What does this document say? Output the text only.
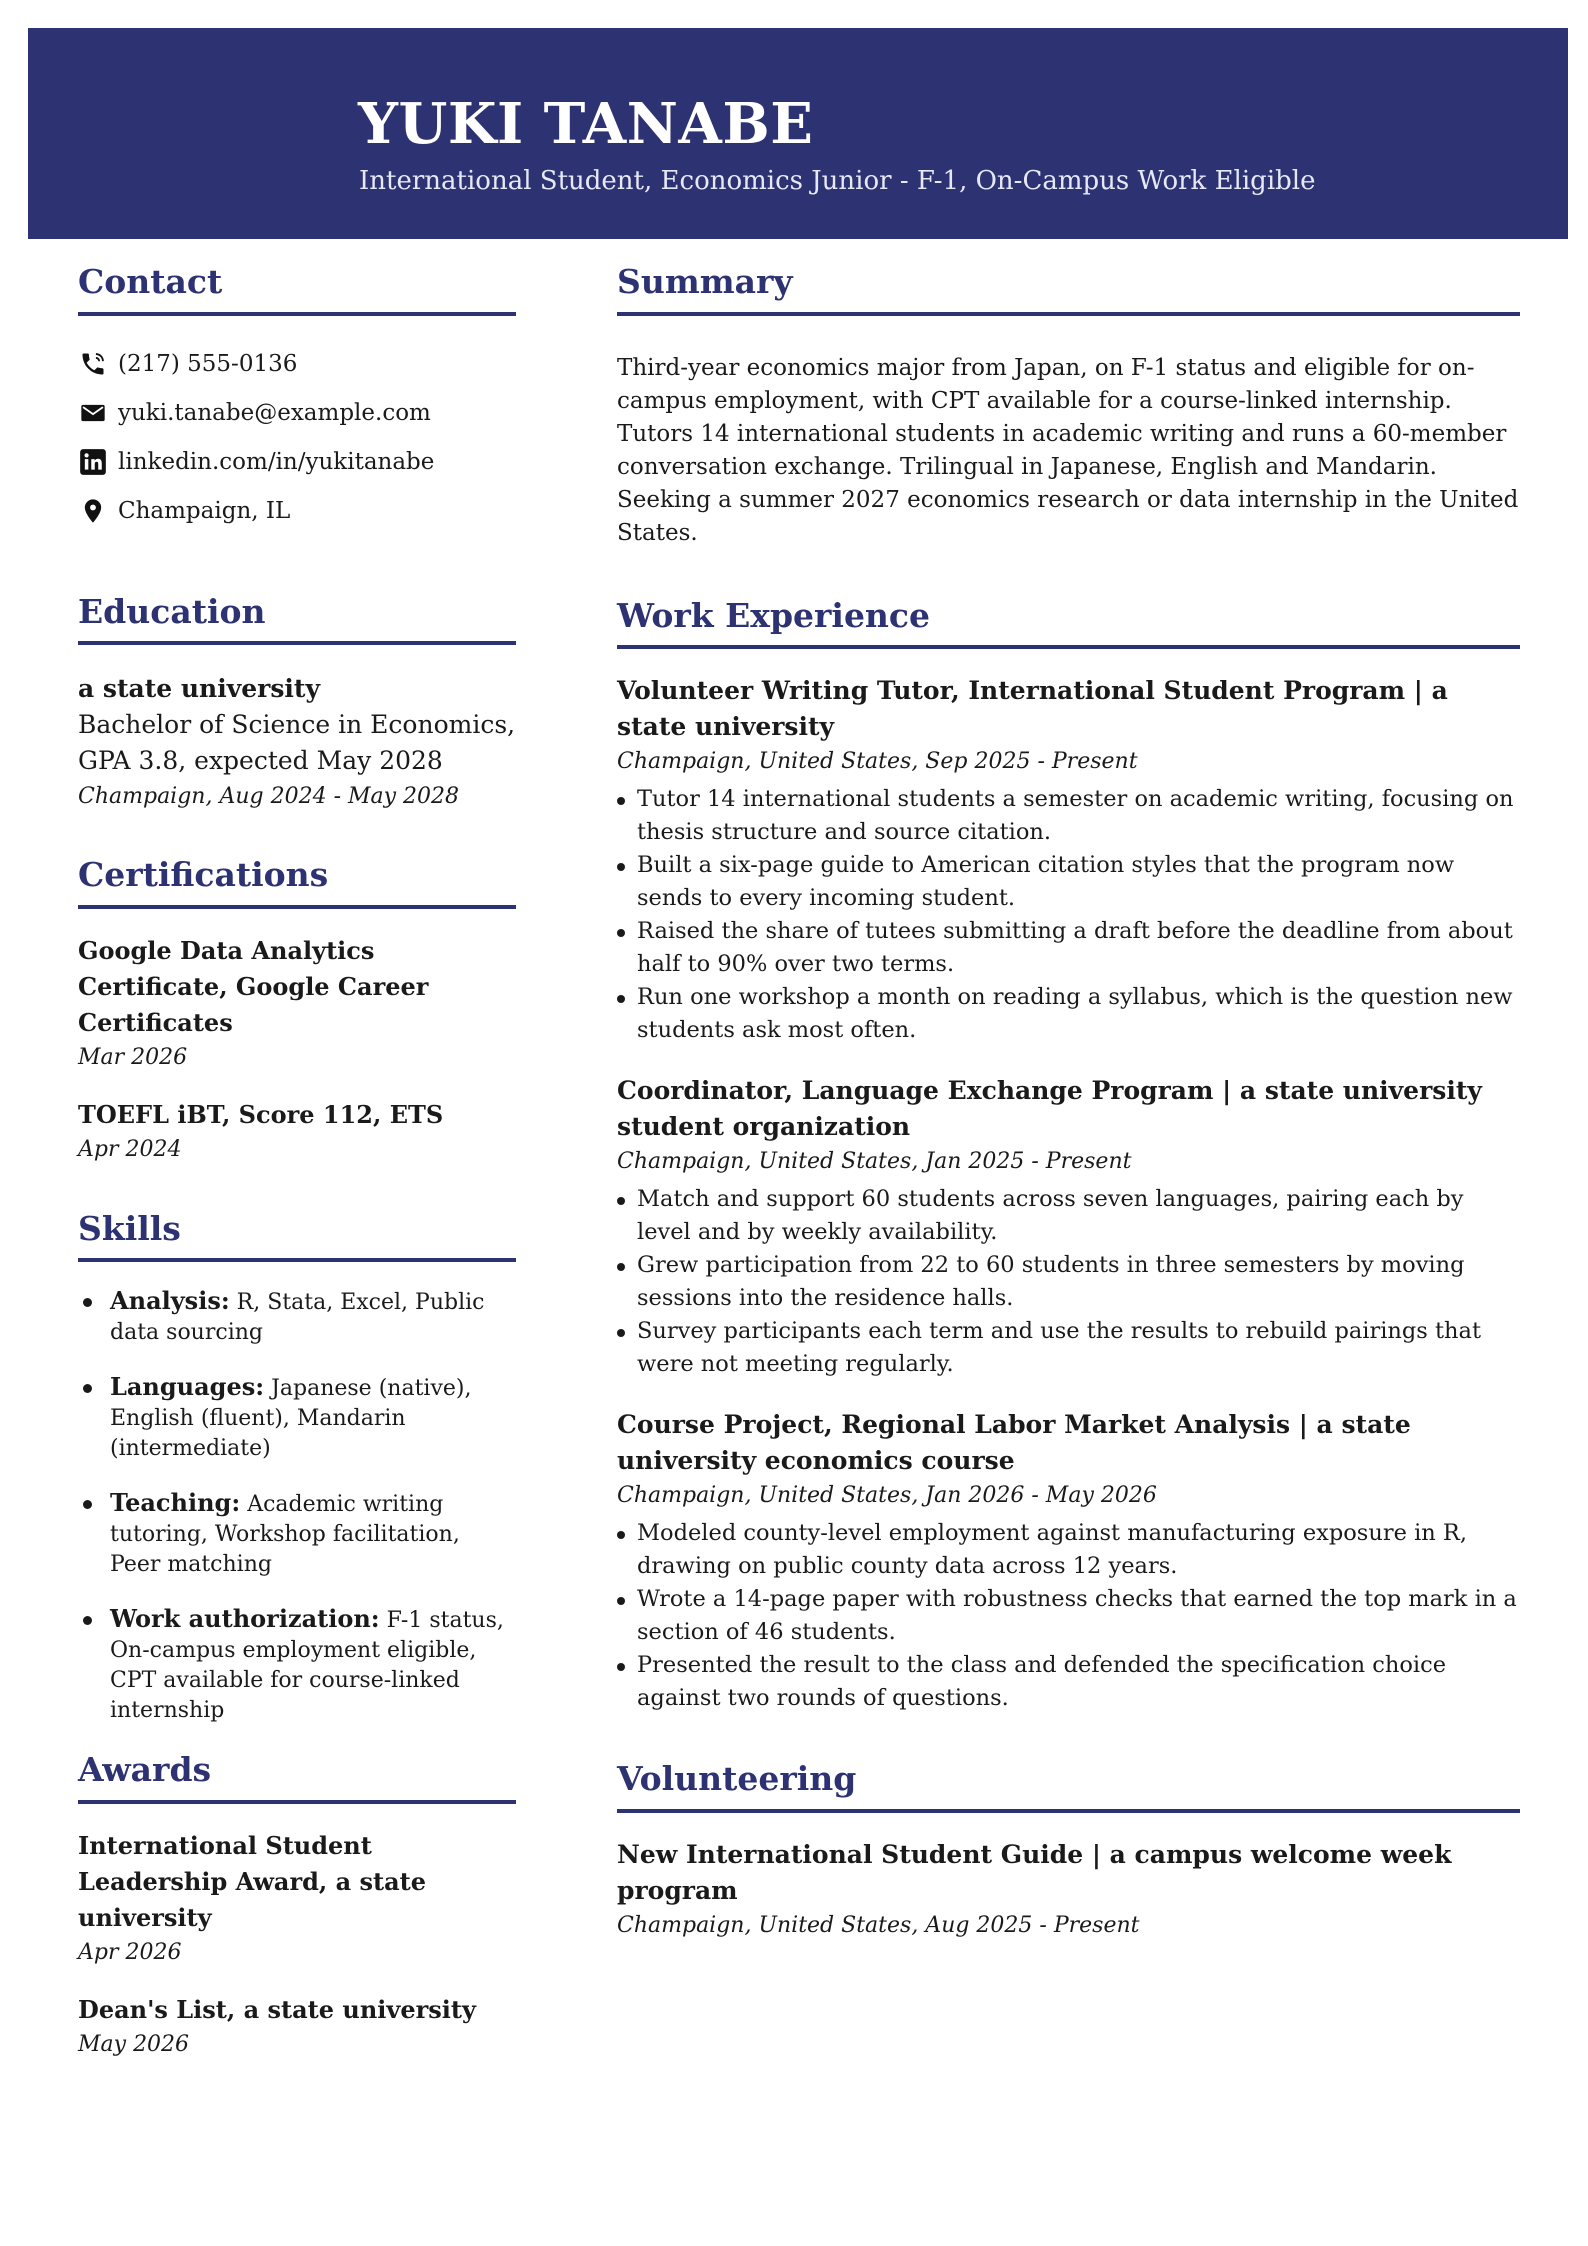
YUKI TANABE
International Student, Economics Junior - F-1, On-Campus Work Eligible
Contact
(217) 555-0136
yuki.tanabe@example.com
linkedin.com/in/yukitanabe
Champaign, IL
Education
a state university
Bachelor of Science in Economics, GPA 3.8, expected May 2028
Champaign, Aug 2024 - May 2028
Certifications
Google Data Analytics Certificate, Google Career Certificates
Mar 2026
TOEFL iBT, Score 112, ETS
Apr 2024
Skills
Analysis: R, Stata, Excel, Public data sourcing
Languages: Japanese (native), English (fluent), Mandarin (intermediate)
Teaching: Academic writing tutoring, Workshop facilitation, Peer matching
Work authorization: F-1 status, On-campus employment eligible, CPT available for course-linked internship
Awards
International Student Leadership Award, a state university
Apr 2026
Dean's List, a state university
May 2026
Summary

Third-year economics major from Japan, on F-1 status and eligible for on-campus employment, with CPT available for a course-linked internship. Tutors 14 international students in academic writing and runs a 60-member conversation exchange. Trilingual in Japanese, English and Mandarin. Seeking a summer 2027 economics research or data internship in the United States.

Work Experience
Volunteer Writing Tutor, International Student Program | a state university
Champaign, United States, Sep 2025 - Present
Tutor 14 international students a semester on academic writing, focusing on thesis structure and source citation.
Built a six-page guide to American citation styles that the program now sends to every incoming student.
Raised the share of tutees submitting a draft before the deadline from about half to 90% over two terms.
Run one workshop a month on reading a syllabus, which is the question new students ask most often.
Coordinator, Language Exchange Program | a state university student organization
Champaign, United States, Jan 2025 - Present
Match and support 60 students across seven languages, pairing each by level and by weekly availability.
Grew participation from 22 to 60 students in three semesters by moving sessions into the residence halls.
Survey participants each term and use the results to rebuild pairings that were not meeting regularly.
Course Project, Regional Labor Market Analysis | a state university economics course
Champaign, United States, Jan 2026 - May 2026
Modeled county-level employment against manufacturing exposure in R, drawing on public county data across 12 years.
Wrote a 14-page paper with robustness checks that earned the top mark in a section of 46 students.
Presented the result to the class and defended the specification choice against two rounds of questions.
Volunteering
New International Student Guide | a campus welcome week program
Champaign, United States, Aug 2025 - Present
